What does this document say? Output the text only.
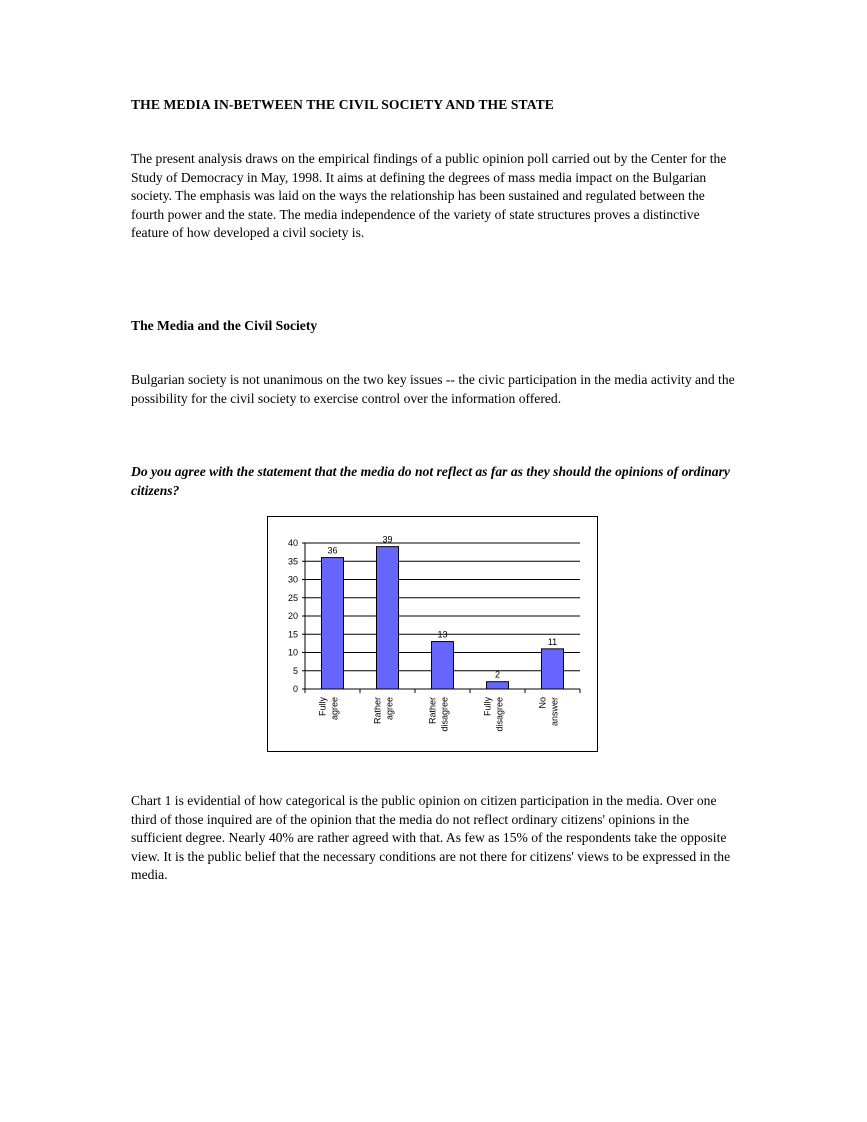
THE MEDIA IN-BETWEEN THE CIVIL SOCIETY AND THE STATE
The present analysis draws on the empirical findings of a public opinion poll carried out by the Center for the Study of Democracy in May, 1998. It aims at defining the degrees of mass media impact on the Bulgarian society. The emphasis was laid on the ways the relationship has been sustained and regulated between the fourth power and the state. The media independence of the variety of state structures proves a distinctive feature of how developed a civil society is.
The Media and the Civil Society
Bulgarian society is not unanimous on the two key issues -- the civic participation in the media activity and the possibility for the civil society to exercise control over the information offered.
Do you agree with the statement that the media do not reflect as far as they should the opinions of ordinary citizens?
0
5
10
15
20
25
30
35
40
36
Fully agree
39
Rather agree
13
Rather disagree
2
Fully disagree
11
No answer
Chart 1 is evidential of how categorical is the public opinion on citizen participation in the media. Over one third of those inquired are of the opinion that the media do not reflect ordinary citizens' opinions in the sufficient degree. Nearly 40% are rather agreed with that. As few as 15% of the respondents take the opposite view. It is the public belief that the necessary conditions are not there for citizens' views to be expressed in the media.
